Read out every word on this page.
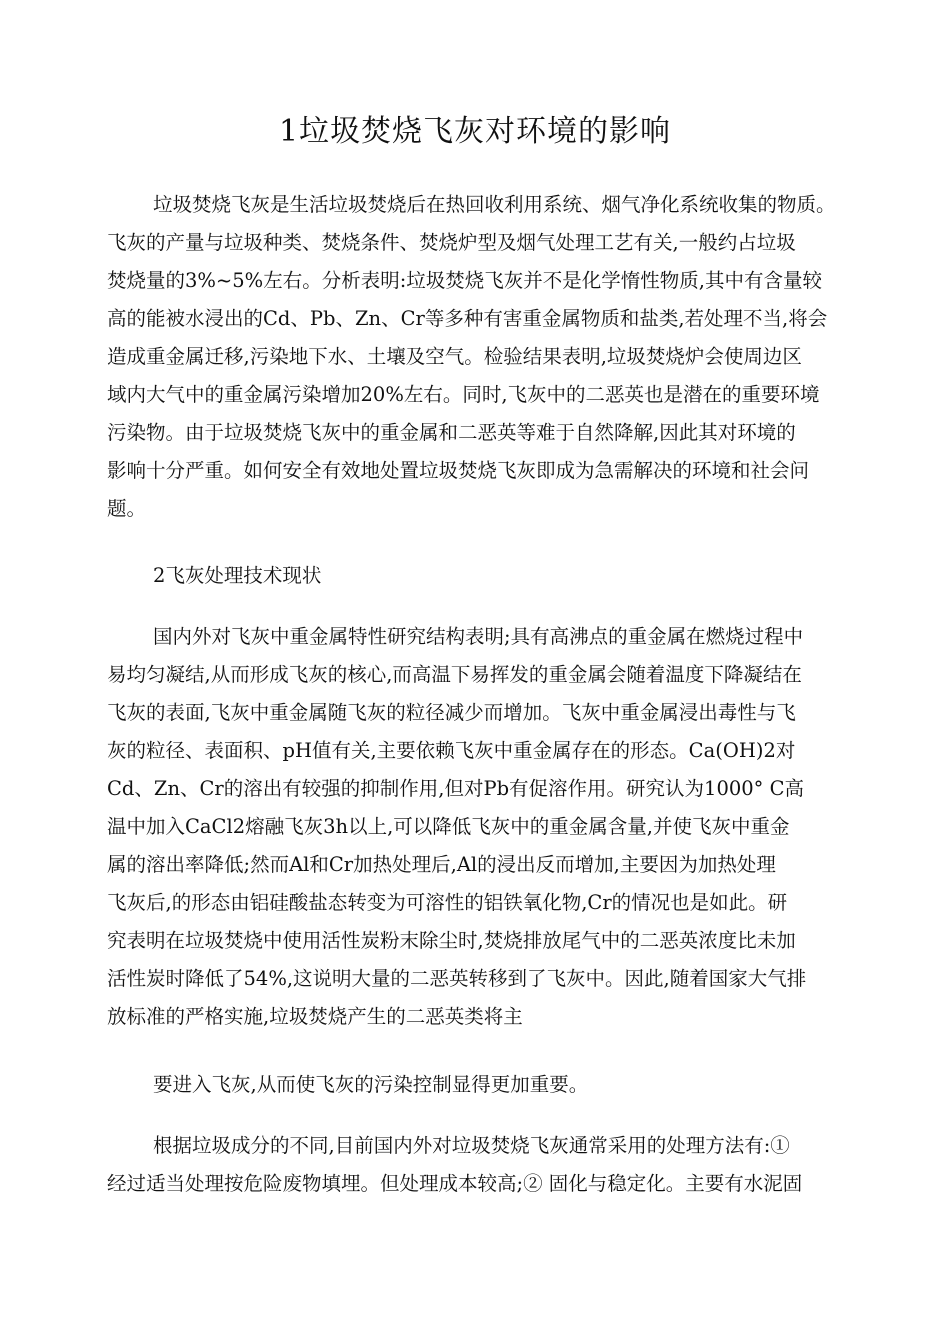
1垃圾焚烧飞灰对环境的影响
垃圾焚烧飞灰是生活垃圾焚烧后在热回收利用系统、烟气净化系统收集的物质。
飞灰的产量与垃圾种类、焚烧条件、焚烧炉型及烟气处理工艺有关,一般约占垃圾
焚烧量的3%~5%左右。分析表明:垃圾焚烧飞灰并不是化学惰性物质,其中有含量较
高的能被水浸出的Cd、Pb、Zn、Cr等多种有害重金属物质和盐类,若处理不当,将会
造成重金属迁移,污染地下水、土壤及空气。检验结果表明,垃圾焚烧炉会使周边区
域内大气中的重金属污染增加20%左右。同时,飞灰中的二恶英也是潜在的重要环境
污染物。由于垃圾焚烧飞灰中的重金属和二恶英等难于自然降解,因此其对环境的
影响十分严重。如何安全有效地处置垃圾焚烧飞灰即成为急需解决的环境和社会问
题。
2飞灰处理技术现状
国内外对飞灰中重金属特性研究结构表明;具有高沸点的重金属在燃烧过程中
易均匀凝结,从而形成飞灰的核心,而高温下易挥发的重金属会随着温度下降凝结在
飞灰的表面,飞灰中重金属随飞灰的粒径减少而增加。飞灰中重金属浸出毒性与飞
灰的粒径、表面积、pH值有关,主要依赖飞灰中重金属存在的形态。Ca(OH)2对
Cd、Zn、Cr的溶出有较强的抑制作用,但对Pb有促溶作用。研究认为1000° C高
温中加入CaCl2熔融飞灰3h以上,可以降低飞灰中的重金属含量,并使飞灰中重金
属的溶出率降低;然而Al和Cr加热处理后,Al的浸出反而增加,主要因为加热处理
飞灰后,的形态由铝硅酸盐态转变为可溶性的铝铁氧化物,Cr的情况也是如此。研
究表明在垃圾焚烧中使用活性炭粉末除尘时,焚烧排放尾气中的二恶英浓度比未加
活性炭时降低了54%,这说明大量的二恶英转移到了飞灰中。因此,随着国家大气排
放标准的严格实施,垃圾焚烧产生的二恶英类将主
要进入飞灰,从而使飞灰的污染控制显得更加重要。
根据垃圾成分的不同,目前国内外对垃圾焚烧飞灰通常采用的处理方法有:①
经过适当处理按危险废物填埋。但处理成本较高;② 固化与稳定化。主要有水泥固
